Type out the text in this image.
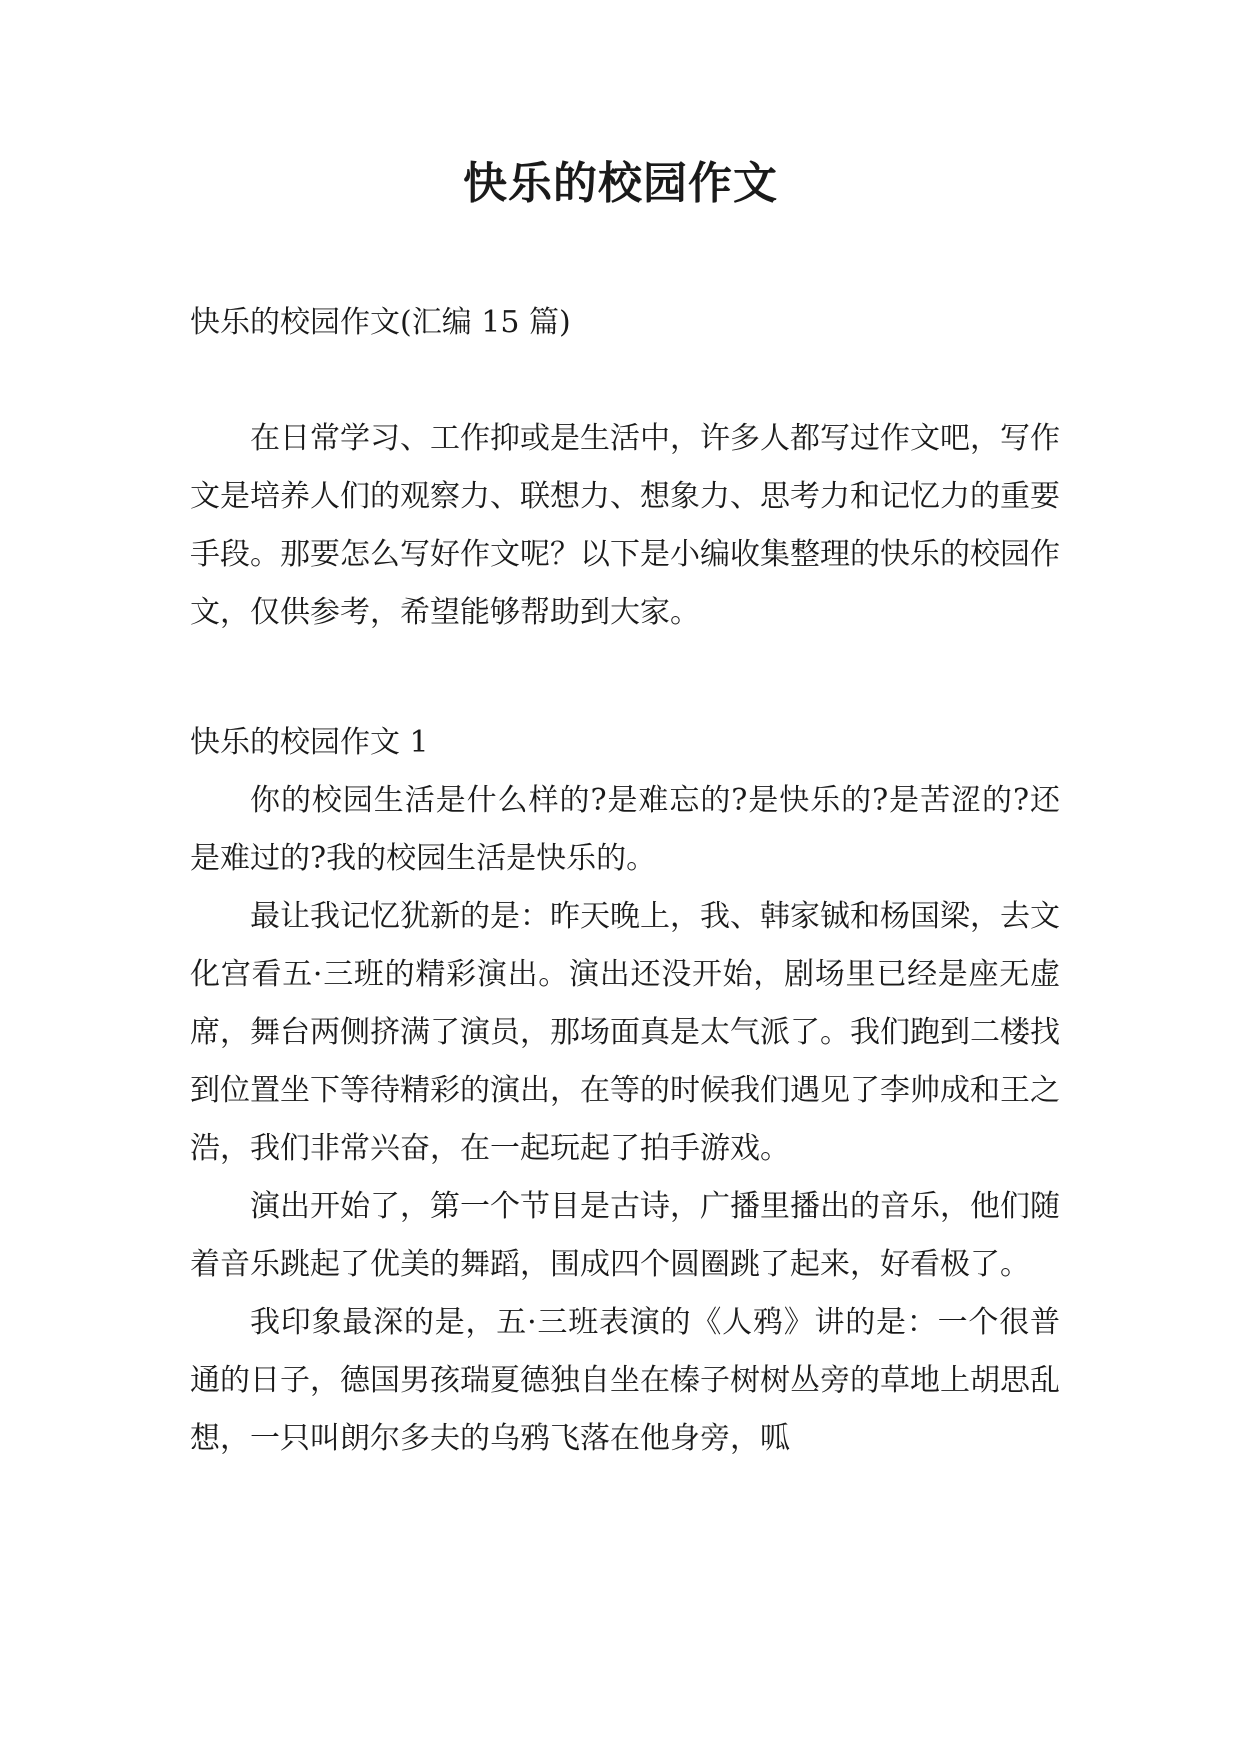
快乐的校园作文
快乐的校园作文(汇编 15 篇)

在日常学习、工作抑或是生活中，许多人都写过作文吧，写作文是培养人们的观察力、联想力、想象力、思考力和记忆力的重要手段。那要怎么写好作文呢？以下是小编收集整理的快乐的校园作文，仅供参考，希望能够帮助到大家。

快乐的校园作文 1

你的校园生活是什么样的?是难忘的?是快乐的?是苦涩的?还是难过的?我的校园生活是快乐的。

最让我记忆犹新的是：昨天晚上，我、韩家铖和杨国梁，去文化宫看五·三班的精彩演出。演出还没开始，剧场里已经是座无虚席，舞台两侧挤满了演员，那场面真是太气派了。我们跑到二楼找到位置坐下等待精彩的演出，在等的时候我们遇见了李帅成和王之浩，我们非常兴奋，在一起玩起了拍手游戏。

演出开始了，第一个节目是古诗，广播里播出的音乐，他们随着音乐跳起了优美的舞蹈，围成四个圆圈跳了起来，好看极了。

我印象最深的是，五·三班表演的《人鸦》讲的是：一个很普通的日子，德国男孩瑞夏德独自坐在榛子树树丛旁的草地上胡思乱想，一只叫朗尔多夫的乌鸦飞落在他身旁，呱
